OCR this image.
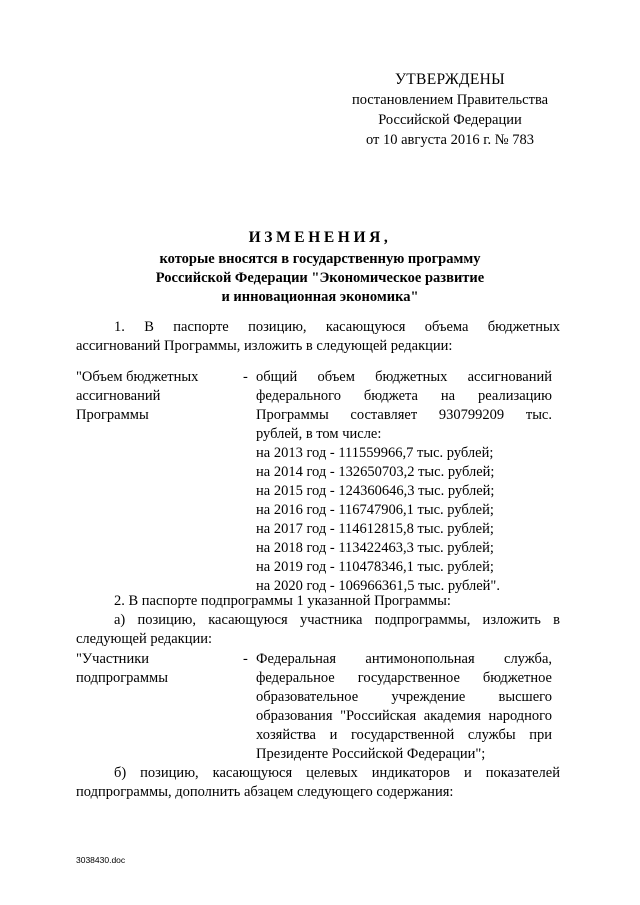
УТВЕРЖДЕНЫ
постановлением Правительства
Российской Федерации
от 10 августа 2016 г. № 783
ИЗМЕНЕНИЯ,
которые вносятся в государственную программу
Российской Федерации "Экономическое развитие
и инновационная экономика"
1. В паспорте позицию, касающуюся объема бюджетных
ассигнований Программы, изложить в следующей редакции:
"Объем бюджетных ассигнований Программы
- общий объем бюджетных ассигнований
федерального бюджета на реализацию
Программы составляет 930799209 тыс.
рублей, в том числе:
на 2013 год - 111559966,7 тыс. рублей;
на 2014 год - 132650703,2 тыс. рублей;
на 2015 год - 124360646,3 тыс. рублей;
на 2016 год - 116747906,1 тыс. рублей;
на 2017 год - 114612815,8 тыс. рублей;
на 2018 год - 113422463,3 тыс. рублей;
на 2019 год - 110478346,1 тыс. рублей;
на 2020 год - 106966361,5 тыс. рублей".
2. В паспорте подпрограммы 1 указанной Программы:
а) позицию, касающуюся участника подпрограммы, изложить в
следующей редакции:
"Участники подпрограммы
- Федеральная антимонопольная служба,
федеральное государственное бюджетное
образовательное учреждение высшего
образования "Российская академия народного
хозяйства и государственной службы при
Президенте Российской Федерации";
б) позицию, касающуюся целевых индикаторов и показателей
подпрограммы, дополнить абзацем следующего содержания:
3038430.doc
